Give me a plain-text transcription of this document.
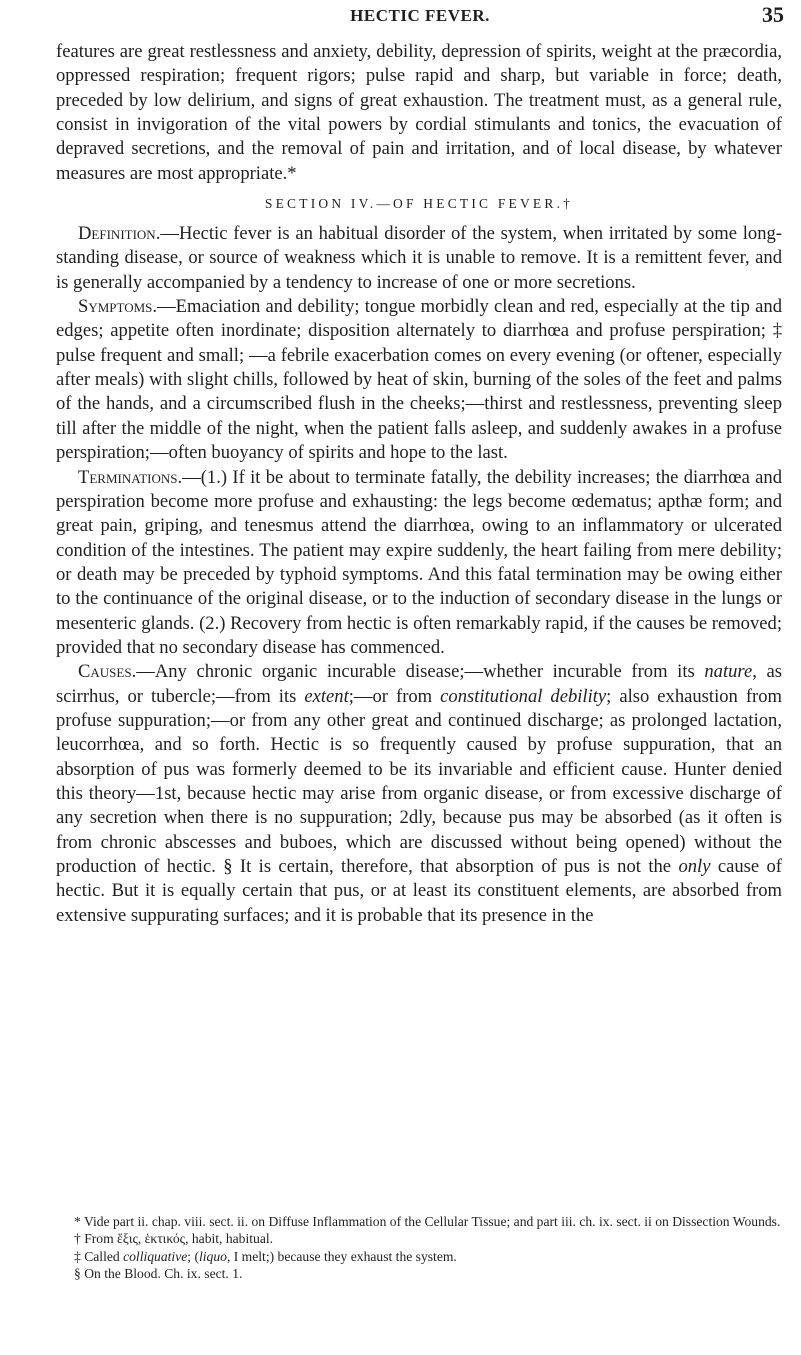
HECTIC FEVER.	35

features are great restlessness and anxiety, debility, depression of spirits, weight at the præcordia, oppressed respiration; frequent rigors; pulse rapid and sharp, but variable in force; death, preceded by low delirium, and signs of great exhaustion. The treatment must, as a general rule, consist in invigoration of the vital powers by cordial stimulants and tonics, the evacuation of depraved secretions, and the removal of pain and irritation, and of local disease, by whatever measures are most appropriate.*

SECTION IV.—OF HECTIC FEVER.†

Definition.—Hectic fever is an habitual disorder of the system, when irritated by some long-standing disease, or source of weakness which it is unable to remove. It is a remittent fever, and is generally accompanied by a tendency to increase of one or more secretions.

Symptoms.—Emaciation and debility; tongue morbidly clean and red, especially at the tip and edges; appetite often inordinate; disposition alternately to diarrhœa and profuse perspiration; ‡ pulse frequent and small; —a febrile exacerbation comes on every evening (or oftener, especially after meals) with slight chills, followed by heat of skin, burning of the soles of the feet and palms of the hands, and a circumscribed flush in the cheeks;—thirst and restlessness, preventing sleep till after the middle of the night, when the patient falls asleep, and suddenly awakes in a profuse perspiration;—often buoyancy of spirits and hope to the last.

Terminations.—(1.) If it be about to terminate fatally, the debility increases; the diarrhœa and perspiration become more profuse and exhausting: the legs become œdematus; apthæ form; and great pain, griping, and tenesmus attend the diarrhœa, owing to an inflammatory or ulcerated condition of the intestines. The patient may expire suddenly, the heart failing from mere debility; or death may be preceded by typhoid symptoms. And this fatal termination may be owing either to the continuance of the original disease, or to the induction of secondary disease in the lungs or mesenteric glands. (2.) Recovery from hectic is often remarkably rapid, if the causes be removed; provided that no secondary disease has commenced.

Causes.—Any chronic organic incurable disease;—whether incurable from its nature, as scirrhus, or tubercle;—from its extent;—or from constitutional debility; also exhaustion from profuse suppuration;—or from any other great and continued discharge; as prolonged lactation, leucorrhœa, and so forth. Hectic is so frequently caused by profuse suppuration, that an absorption of pus was formerly deemed to be its invariable and efficient cause. Hunter denied this theory—1st, because hectic may arise from organic disease, or from excessive discharge of any secretion when there is no suppuration; 2dly, because pus may be absorbed (as it often is from chronic abscesses and buboes, which are discussed without being opened) without the production of hectic. § It is certain, therefore, that absorption of pus is not the only cause of hectic. But it is equally certain that pus, or at least its constituent elements, are absorbed from extensive suppurating surfaces; and it is probable that its presence in the

* Vide part ii. chap. viii. sect. ii. on Diffuse Inflammation of the Cellular Tissue; and part iii. ch. ix. sect. ii on Dissection Wounds.

† From ἕξις, ἑκτικός, habit, habitual.

‡ Called colliquative; (liquo, I melt;) because they exhaust the system.

§ On the Blood. Ch. ix. sect. 1.
